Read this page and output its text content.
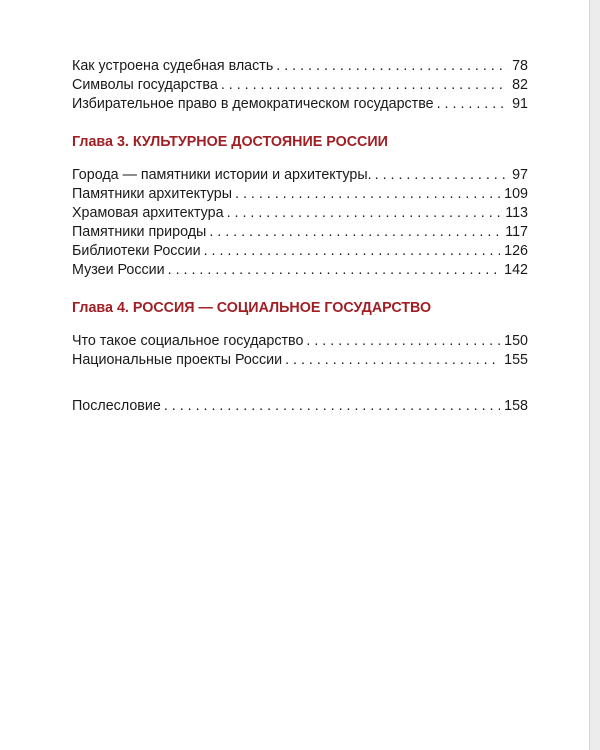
Как устроена судебная власть . . .	78
Символы государства . . .	82
Избирательное право в демократическом государстве . . .	91
Глава 3. КУЛЬТУРНОЕ ДОСТОЯНИЕ РОССИИ
Города — памятники истории и архитектуры. . . .	97
Памятники архитектуры . . .	109
Храмовая архитектура . . .	113
Памятники природы . . .	117
Библиотеки России . . .	126
Музеи России . . .	142
Глава 4. РОССИЯ — СОЦИАЛЬНОЕ ГОСУДАРСТВО
Что такое социальное государство . . .	150
Национальные проекты России . . .	155
Послесловие . . .	158
